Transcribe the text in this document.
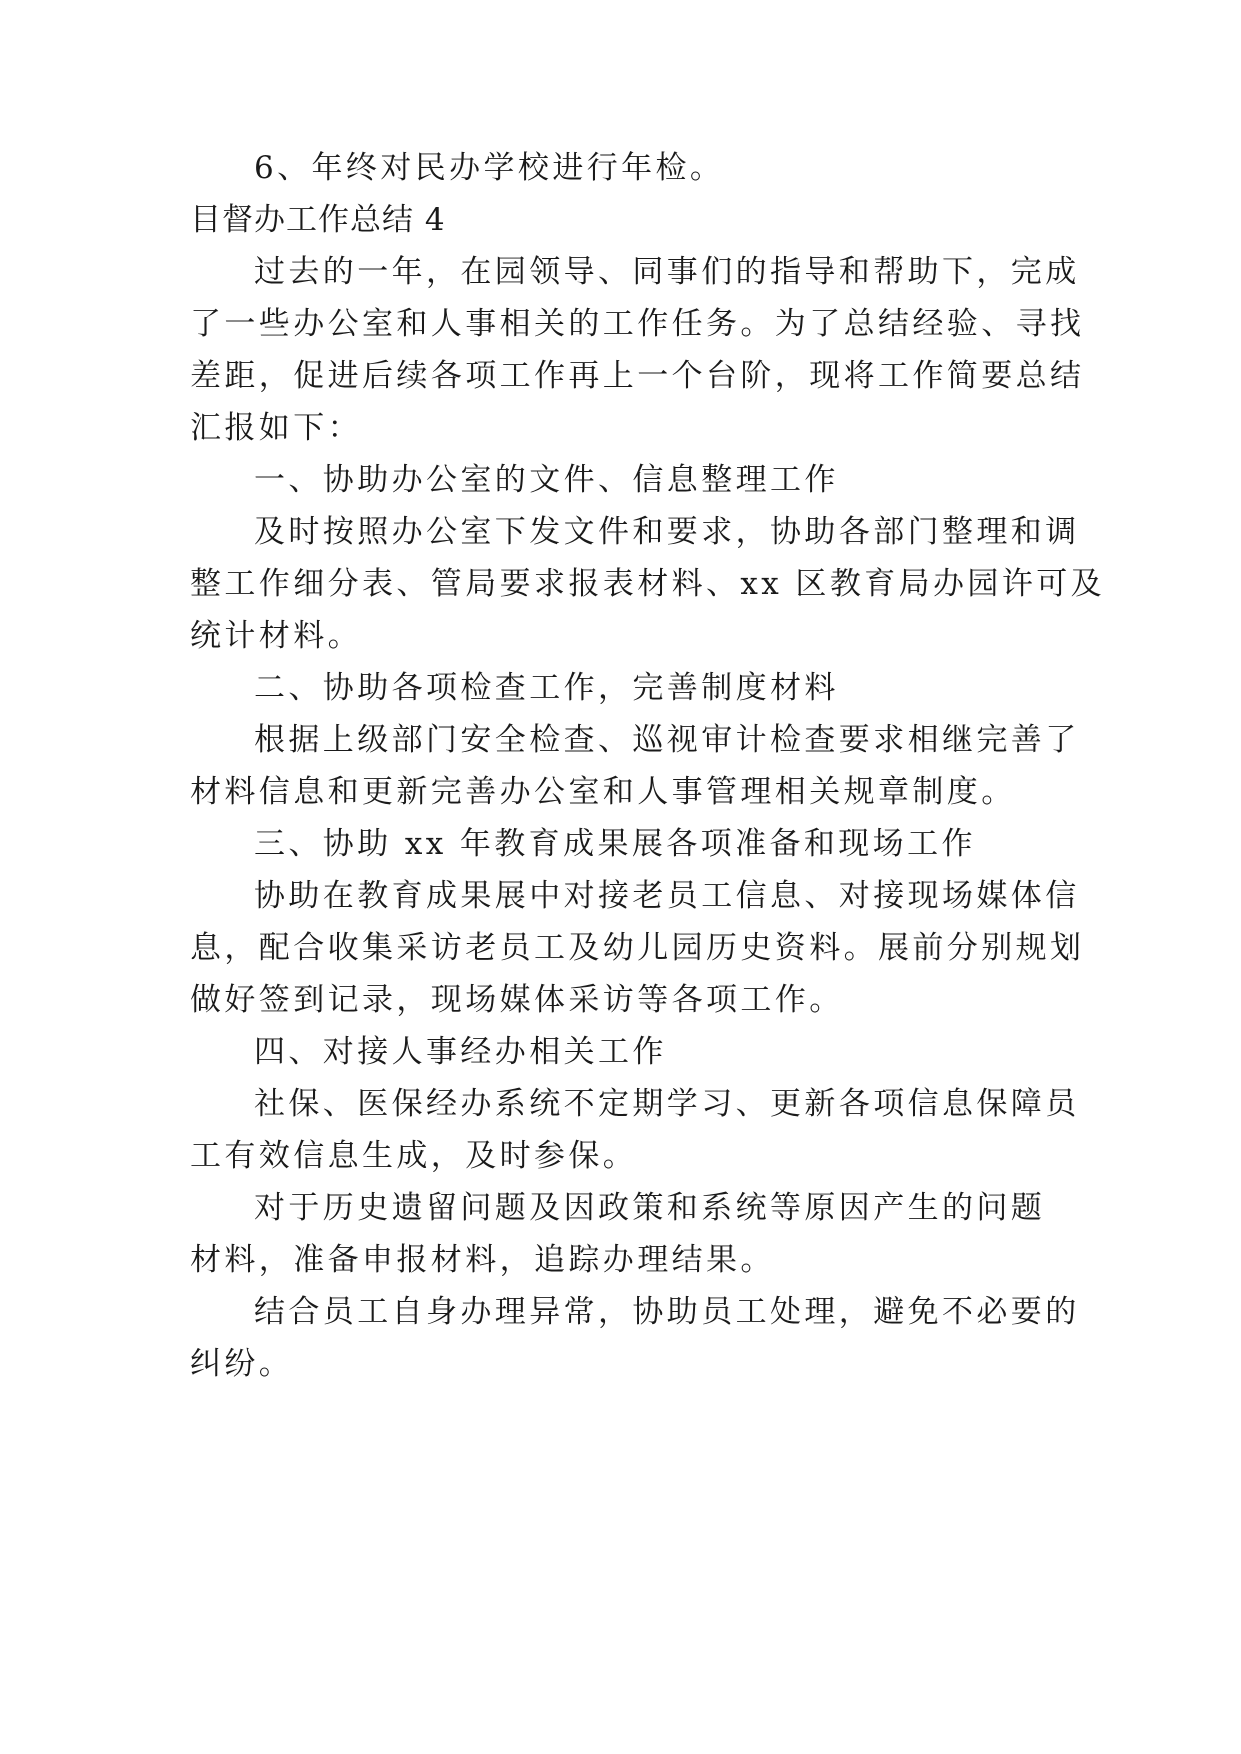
6、年终对民办学校进行年检。

目督办工作总结 4

过去的一年，在园领导、同事们的指导和帮助下，完成

了一些办公室和人事相关的工作任务。为了总结经验、寻找

差距，促进后续各项工作再上一个台阶，现将工作简要总结

汇报如下：

一、协助办公室的文件、信息整理工作

及时按照办公室下发文件和要求，协助各部门整理和调

整工作细分表、管局要求报表材料、xx 区教育局办园许可及

统计材料。

二、协助各项检查工作，完善制度材料

根据上级部门安全检查、巡视审计检查要求相继完善了

材料信息和更新完善办公室和人事管理相关规章制度。

三、协助 xx 年教育成果展各项准备和现场工作

协助在教育成果展中对接老员工信息、对接现场媒体信

息，配合收集采访老员工及幼儿园历史资料。展前分别规划

做好签到记录，现场媒体采访等各项工作。

四、对接人事经办相关工作

社保、医保经办系统不定期学习、更新各项信息保障员

工有效信息生成，及时参保。

对于历史遗留问题及因政策和系统等原因产生的问题

材料，准备申报材料，追踪办理结果。

结合员工自身办理异常，协助员工处理，避免不必要的

纠纷。
